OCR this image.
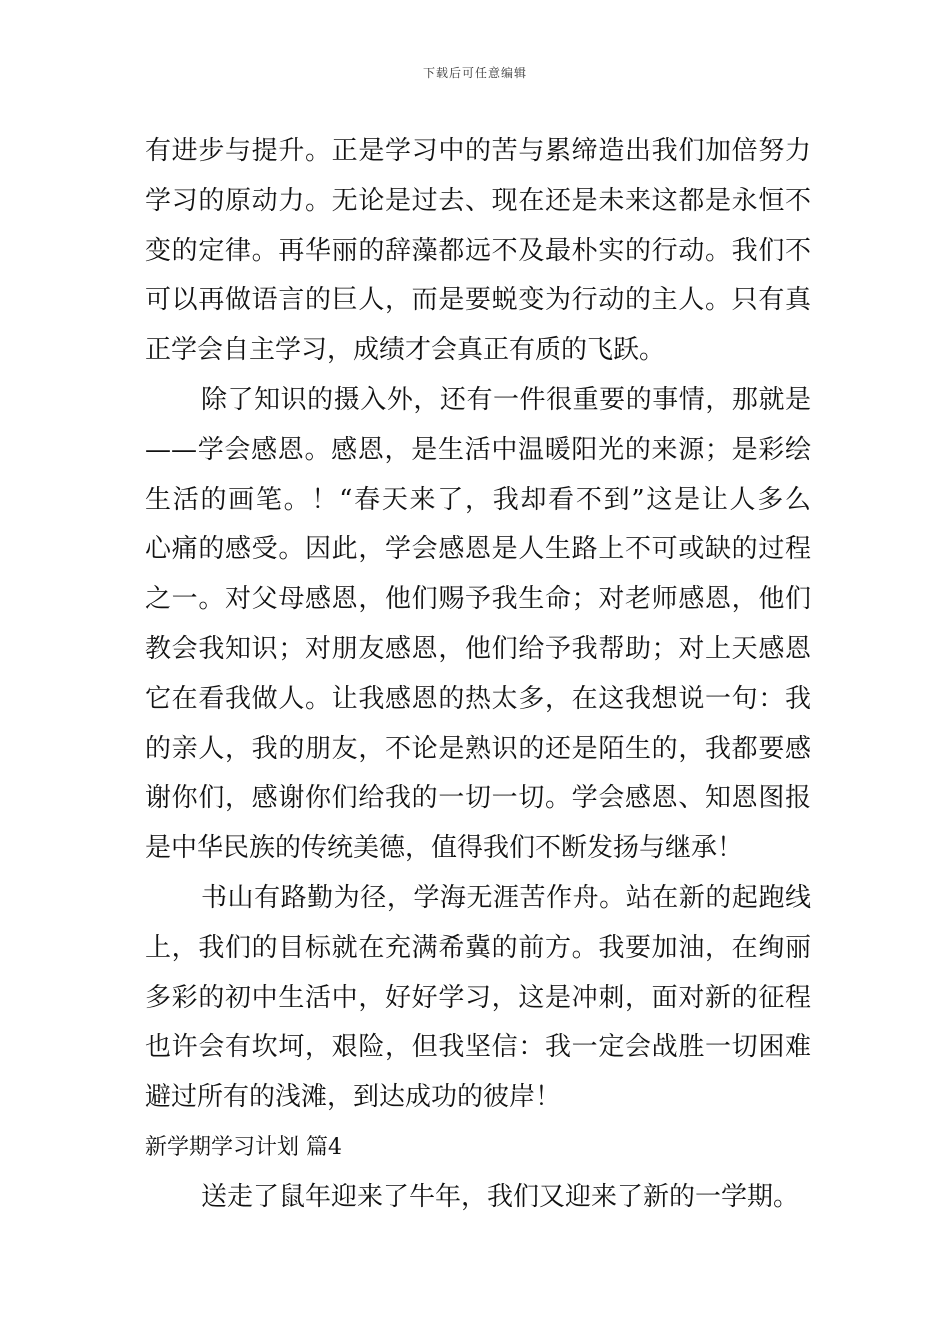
下载后可任意编辑
有进步与提升。正是学习中的苦与累缔造出我们加倍努力
学习的原动力。无论是过去、现在还是未来这都是永恒不
变的定律。再华丽的辞藻都远不及最朴实的行动。我们不
可以再做语言的巨人，而是要蜕变为行动的主人。只有真
正学会自主学习，成绩才会真正有质的飞跃。
除了知识的摄入外，还有一件很重要的事情，那就是
——学会感恩。感恩，是生活中温暖阳光的来源；是彩绘
生活的画笔。！“春天来了，我却看不到”这是让人多么
心痛的感受。因此，学会感恩是人生路上不可或缺的过程
之一。对父母感恩，他们赐予我生命；对老师感恩，他们
教会我知识；对朋友感恩，他们给予我帮助；对上天感恩
它在看我做人。让我感恩的热太多，在这我想说一句：我
的亲人，我的朋友，不论是熟识的还是陌生的，我都要感
谢你们，感谢你们给我的一切一切。学会感恩、知恩图报
是中华民族的传统美德，值得我们不断发扬与继承！
书山有路勤为径，学海无涯苦作舟。站在新的起跑线
上，我们的目标就在充满希冀的前方。我要加油，在绚丽
多彩的初中生活中，好好学习，这是冲刺，面对新的征程
也许会有坎坷，艰险，但我坚信：我一定会战胜一切困难
避过所有的浅滩，到达成功的彼岸！
新学期学习计划 篇4
送走了鼠年迎来了牛年，我们又迎来了新的一学期。
